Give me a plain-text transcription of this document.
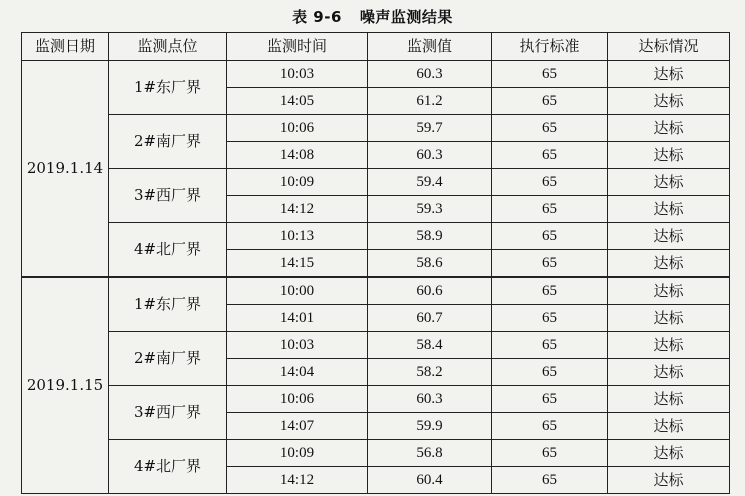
表 9-6 噪声监测结果
监测日期	监测点位	监测时间	监测值	执行标准	达标情况
2019.1.14	1#东厂界	10:03	60.3	65	达标
		14:05	61.2	65	达标
	2#南厂界	10:06	59.7	65	达标
		14:08	60.3	65	达标
	3#西厂界	10:09	59.4	65	达标
		14:12	59.3	65	达标
	4#北厂界	10:13	58.9	65	达标
		14:15	58.6	65	达标
2019.1.15	1#东厂界	10:00	60.6	65	达标
		14:01	60.7	65	达标
	2#南厂界	10:03	58.4	65	达标
		14:04	58.2	65	达标
	3#西厂界	10:06	60.3	65	达标
		14:07	59.9	65	达标
	4#北厂界	10:09	56.8	65	达标
		14:12	60.4	65	达标
